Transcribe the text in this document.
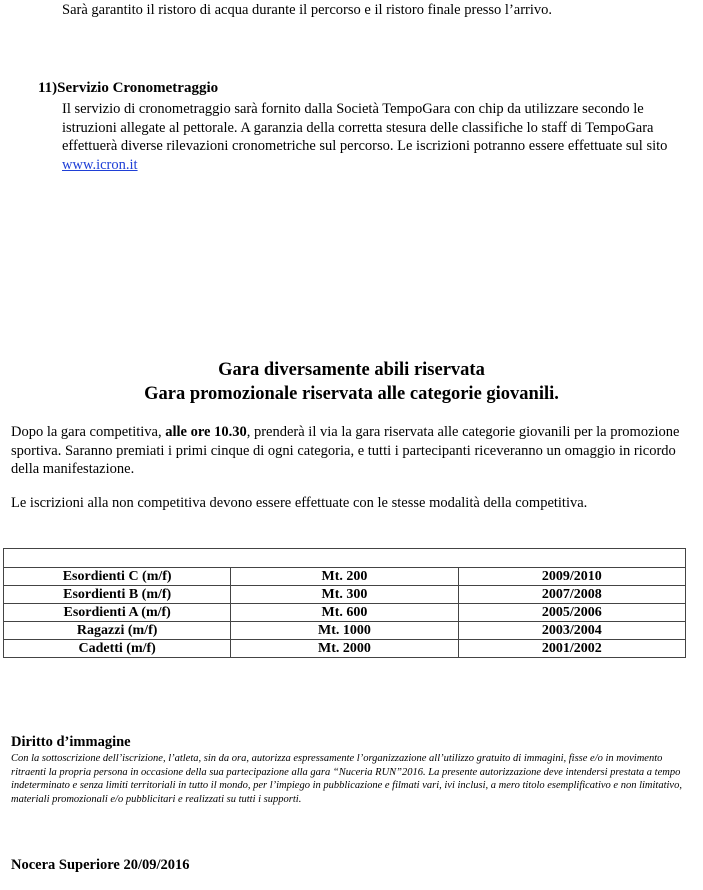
Sarà garantito il ristoro di acqua durante il percorso e il ristoro finale presso l’arrivo.
11)Servizio Cronometraggio
Il servizio di cronometraggio sarà fornito dalla Società TempoGara con chip da utilizzare secondo le istruzioni allegate al pettorale. A garanzia della corretta stesura delle classifiche lo staff di TempoGara effettuerà diverse rilevazioni cronometriche sul percorso. Le iscrizioni potranno essere effettuate sul sito www.icron.it
Gara diversamente abili riservata
Gara promozionale riservata alle categorie giovanili.
Dopo la gara competitiva, alle ore 10.30, prenderà il via la gara riservata alle categorie giovanili per la promozione sportiva. Saranno premiati i primi cinque di ogni categoria, e tutti i partecipanti riceveranno un omaggio in ricordo della manifestazione.
Le iscrizioni alla non competitiva devono essere effettuate con le stesse modalità della competitiva.

Esordienti C (m/f)	Mt. 200	2009/2010
Esordienti B (m/f)	Mt. 300	2007/2008
Esordienti A (m/f)	Mt. 600	2005/2006
Ragazzi (m/f)	Mt. 1000	2003/2004
Cadetti (m/f)	Mt. 2000	2001/2002
Diritto d’immagine
Con la sottoscrizione dell’iscrizione, l’atleta, sin da ora, autorizza espressamente l’organizzazione all’utilizzo gratuito di immagini, fisse e/o in movimento ritraenti la propria persona in occasione della sua partecipazione alla gara “Nuceria RUN”2016. La presente autorizzazione deve intendersi prestata a tempo indeterminato e senza limiti territoriali in tutto il mondo, per l’impiego in pubblicazione e filmati vari, ivi inclusi, a mero titolo esemplificativo e non limitativo, materiali promozionali e/o pubblicitari e realizzati su tutti i supporti.
Nocera Superiore 20/09/2016
